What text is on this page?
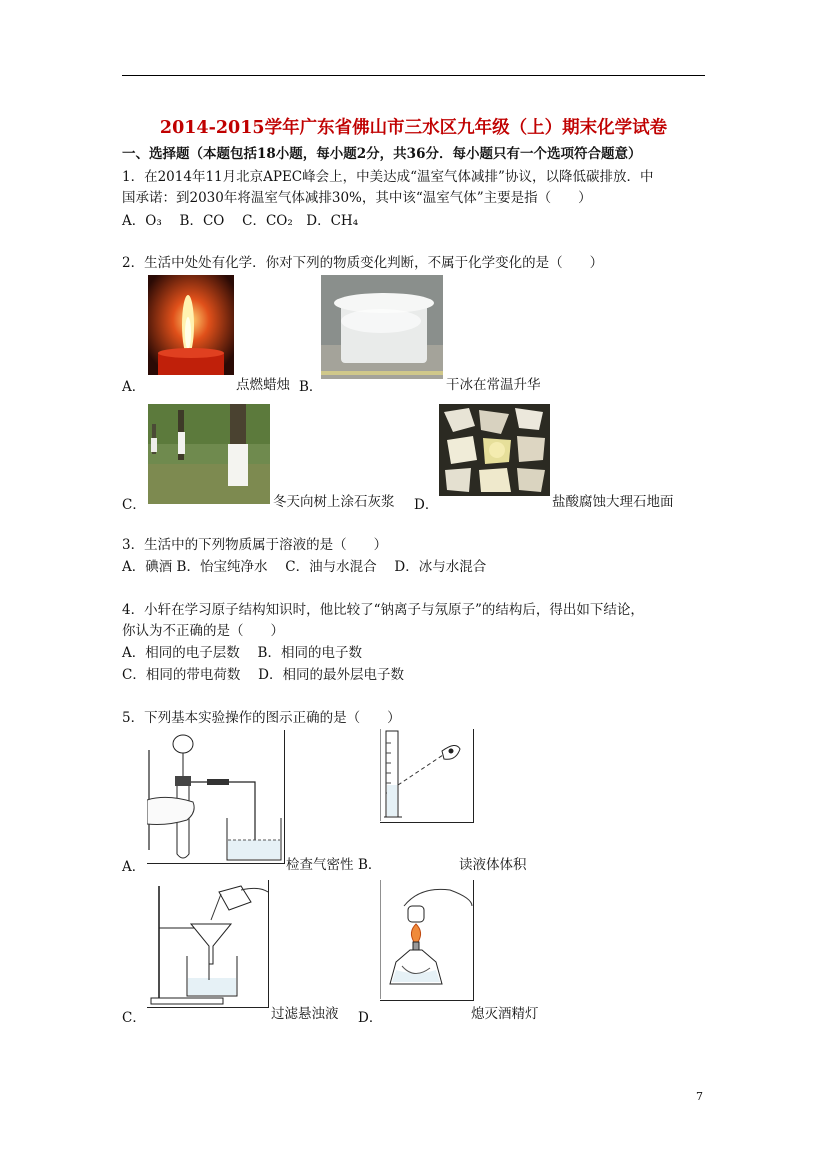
2014-2015学年广东省佛山市三水区九年级（上）期末化学试卷
一、选择题（本题包括18小题，每小题2分，共36分．每小题只有一个选项符合题意）
1．在2014年11月北京APEC峰会上，中美达成“温室气体减排”协议，以降低碳排放．中
国承诺：到2030年将温室气体减排30%，其中该“温室气体”主要是指（　　）
A．O₃　 B．CO　 C．CO₂　D．CH₄
2．生活中处处有化学．你对下列的物质变化判断，不属于化学变化的是（　　）
A．	点燃蜡烛 B．	干冰在常温升华
C．	冬天向树上涂石灰浆 D．	盐酸腐蚀大理石地面
3．生活中的下列物质属于溶液的是（　　）
A．碘酒 B．怡宝纯净水　 C．油与水混合　 D．冰与水混合
4．小轩在学习原子结构知识时，他比较了“钠离子与氖原子”的结构后，得出如下结论，
你认为不正确的是（　　）
A．相同的电子层数　 B．相同的电子数
C．相同的带电荷数　 D．相同的最外层电子数
5．下列基本实验操作的图示正确的是（　　）
A．	检查气密性 B．	读液体体积
C．	过滤悬浊液 D．	熄灭酒精灯
7
